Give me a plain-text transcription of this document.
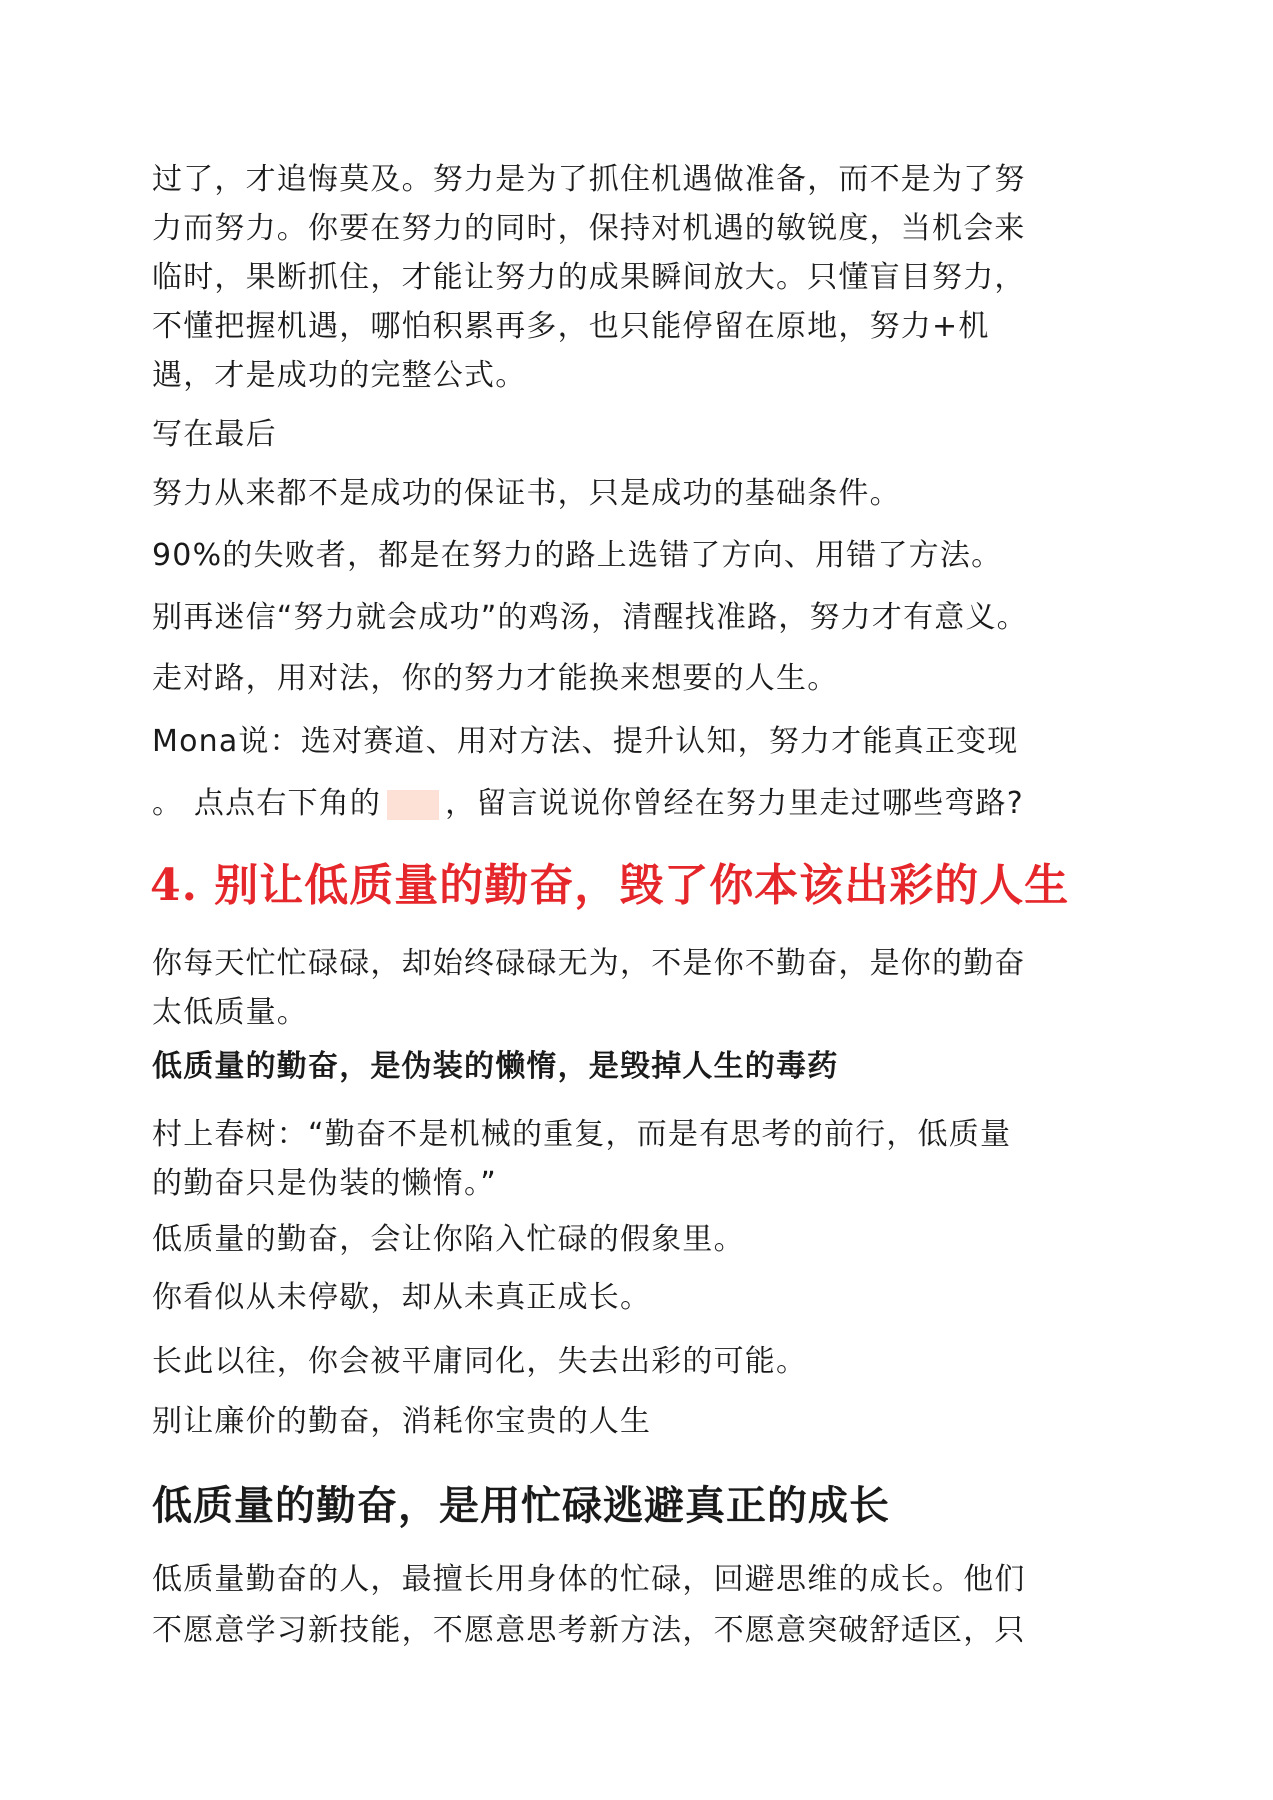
过了，才追悔莫及。努力是为了抓住机遇做准备，而不是为了努
力而努力。你要在努力的同时，保持对机遇的敏锐度，当机会来
临时，果断抓住，才能让努力的成果瞬间放大。只懂盲目努力，
不懂把握机遇，哪怕积累再多，也只能停留在原地，努力+机
遇，才是成功的完整公式。
写在最后
努力从来都不是成功的保证书，只是成功的基础条件。
90%的失败者，都是在努力的路上选错了方向、用错了方法。
别再迷信“努力就会成功”的鸡汤，清醒找准路，努力才有意义。
走对路，用对法，你的努力才能换来想要的人生。
Mona说：选对赛道、用对方法、提升认知，努力才能真正变现
。 点点右下角的 ，留言说说你曾经在努力里走过哪些弯路?
4. 别让低质量的勤奋，毁了你本该出彩的人生
你每天忙忙碌碌，却始终碌碌无为，不是你不勤奋，是你的勤奋
太低质量。
低质量的勤奋，是伪装的懒惰，是毁掉人生的毒药
村上春树：“勤奋不是机械的重复，而是有思考的前行，低质量
的勤奋只是伪装的懒惰。”
低质量的勤奋，会让你陷入忙碌的假象里。
你看似从未停歇，却从未真正成长。
长此以往，你会被平庸同化，失去出彩的可能。
别让廉价的勤奋，消耗你宝贵的人生
低质量的勤奋，是用忙碌逃避真正的成长
低质量勤奋的人，最擅长用身体的忙碌，回避思维的成长。他们
不愿意学习新技能，不愿意思考新方法，不愿意突破舒适区，只
